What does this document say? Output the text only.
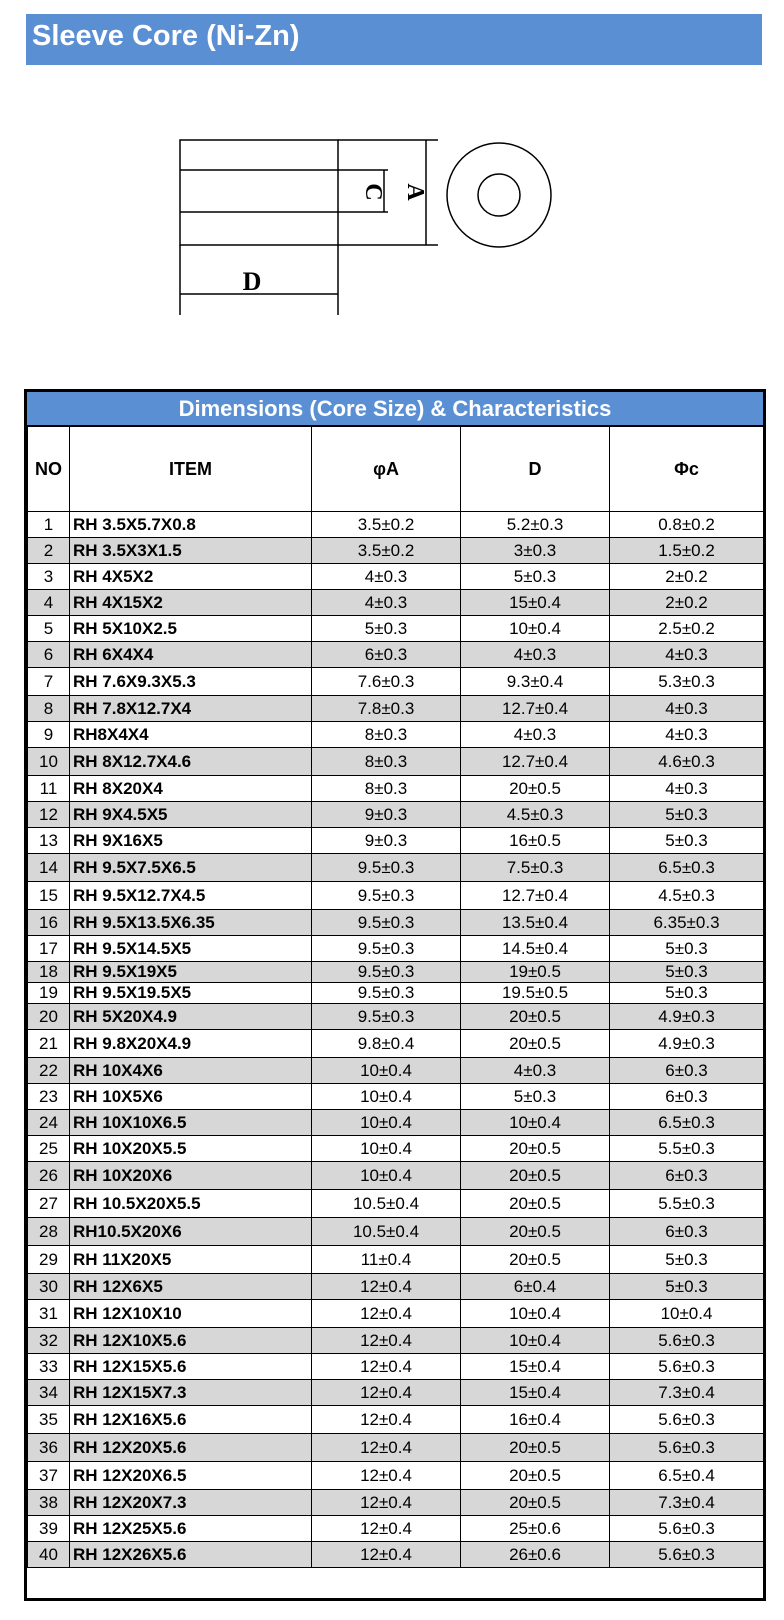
Sleeve Core (Ni-Zn)
C A
D
Dimensions (Core Size) & Characteristics
NO	ITEM	φA	D	Φc
1	RH 3.5X5.7X0.8	3.5±0.2	5.2±0.3	0.8±0.2
2	RH 3.5X3X1.5	3.5±0.2	3±0.3	1.5±0.2
3	RH 4X5X2	4±0.3	5±0.3	2±0.2
4	RH 4X15X2	4±0.3	15±0.4	2±0.2
5	RH 5X10X2.5	5±0.3	10±0.4	2.5±0.2
6	RH 6X4X4	6±0.3	4±0.3	4±0.3
7	RH 7.6X9.3X5.3	7.6±0.3	9.3±0.4	5.3±0.3
8	RH 7.8X12.7X4	7.8±0.3	12.7±0.4	4±0.3
9	RH8X4X4	8±0.3	4±0.3	4±0.3
10	RH 8X12.7X4.6	8±0.3	12.7±0.4	4.6±0.3
11	RH 8X20X4	8±0.3	20±0.5	4±0.3
12	RH 9X4.5X5	9±0.3	4.5±0.3	5±0.3
13	RH 9X16X5	9±0.3	16±0.5	5±0.3
14	RH 9.5X7.5X6.5	9.5±0.3	7.5±0.3	6.5±0.3
15	RH 9.5X12.7X4.5	9.5±0.3	12.7±0.4	4.5±0.3
16	RH 9.5X13.5X6.35	9.5±0.3	13.5±0.4	6.35±0.3
17	RH 9.5X14.5X5	9.5±0.3	14.5±0.4	5±0.3
18	RH 9.5X19X5	9.5±0.3	19±0.5	5±0.3
19	RH 9.5X19.5X5	9.5±0.3	19.5±0.5	5±0.3
20	RH 5X20X4.9	9.5±0.3	20±0.5	4.9±0.3
21	RH 9.8X20X4.9	9.8±0.4	20±0.5	4.9±0.3
22	RH 10X4X6	10±0.4	4±0.3	6±0.3
23	RH 10X5X6	10±0.4	5±0.3	6±0.3
24	RH 10X10X6.5	10±0.4	10±0.4	6.5±0.3
25	RH 10X20X5.5	10±0.4	20±0.5	5.5±0.3
26	RH 10X20X6	10±0.4	20±0.5	6±0.3
27	RH 10.5X20X5.5	10.5±0.4	20±0.5	5.5±0.3
28	RH10.5X20X6	10.5±0.4	20±0.5	6±0.3
29	RH 11X20X5	11±0.4	20±0.5	5±0.3
30	RH 12X6X5	12±0.4	6±0.4	5±0.3
31	RH 12X10X10	12±0.4	10±0.4	10±0.4
32	RH 12X10X5.6	12±0.4	10±0.4	5.6±0.3
33	RH 12X15X5.6	12±0.4	15±0.4	5.6±0.3
34	RH 12X15X7.3	12±0.4	15±0.4	7.3±0.4
35	RH 12X16X5.6	12±0.4	16±0.4	5.6±0.3
36	RH 12X20X5.6	12±0.4	20±0.5	5.6±0.3
37	RH 12X20X6.5	12±0.4	20±0.5	6.5±0.4
38	RH 12X20X7.3	12±0.4	20±0.5	7.3±0.4
39	RH 12X25X5.6	12±0.4	25±0.6	5.6±0.3
40	RH 12X26X5.6	12±0.4	26±0.6	5.6±0.3
